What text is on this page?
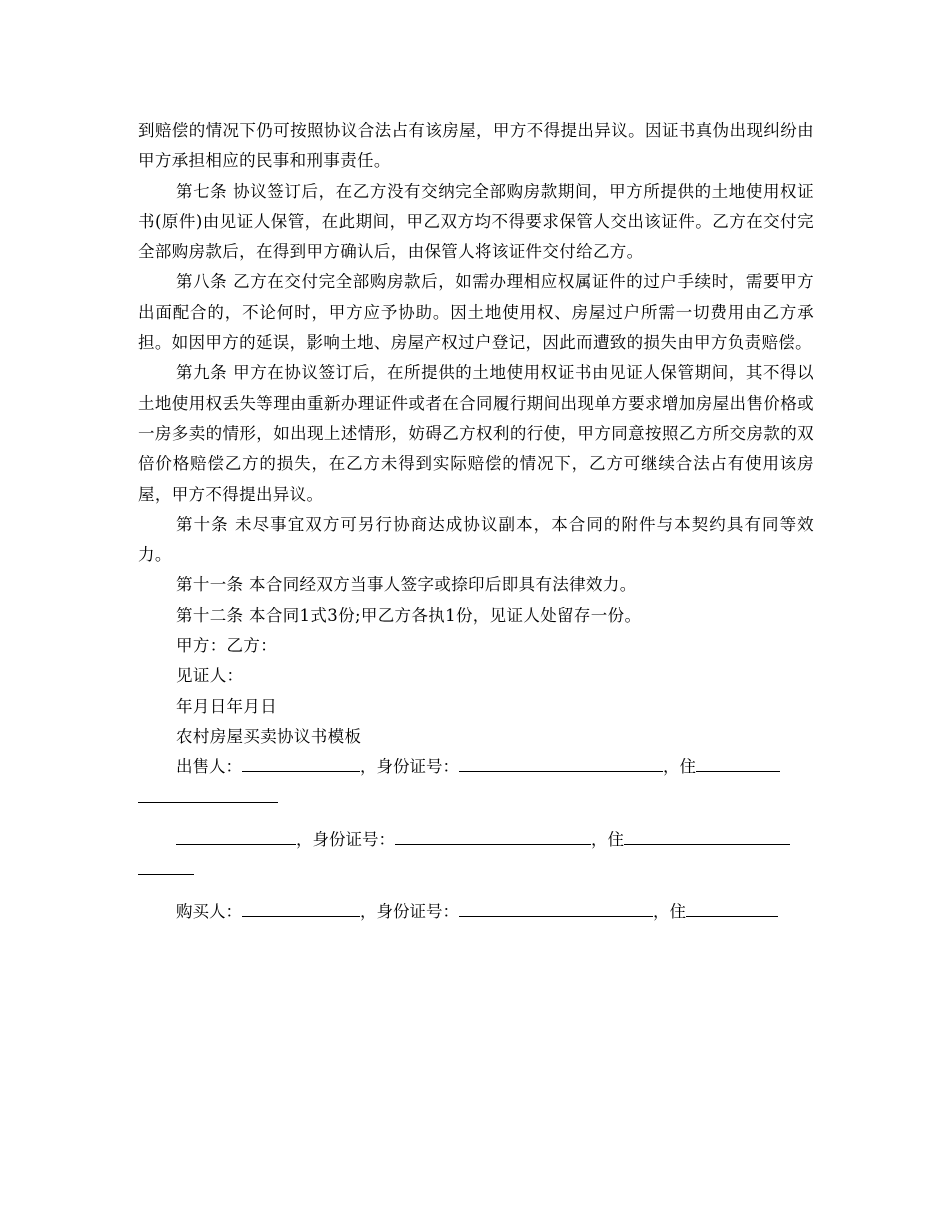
到赔偿的情况下仍可按照协议合法占有该房屋，甲方不得提出异议。因证书真伪出现纠纷由甲方承担相应的民事和刑事责任。

第七条 协议签订后，在乙方没有交纳完全部购房款期间，甲方所提供的土地使用权证书(原件)由见证人保管，在此期间，甲乙双方均不得要求保管人交出该证件。乙方在交付完全部购房款后，在得到甲方确认后，由保管人将该证件交付给乙方。

第八条 乙方在交付完全部购房款后，如需办理相应权属证件的过户手续时，需要甲方出面配合的，不论何时，甲方应予协助。因土地使用权、房屋过户所需一切费用由乙方承担。如因甲方的延误，影响土地、房屋产权过户登记，因此而遭致的损失由甲方负责赔偿。

第九条 甲方在协议签订后，在所提供的土地使用权证书由见证人保管期间，其不得以土地使用权丢失等理由重新办理证件或者在合同履行期间出现单方要求增加房屋出售价格或一房多卖的情形，如出现上述情形，妨碍乙方权利的行使，甲方同意按照乙方所交房款的双倍价格赔偿乙方的损失，在乙方未得到实际赔偿的情况下，乙方可继续合法占有使用该房屋，甲方不得提出异议。

第十条 未尽事宜双方可另行协商达成协议副本，本合同的附件与本契约具有同等效力。

第十一条 本合同经双方当事人签字或捺印后即具有法律效力。

第十二条 本合同1式3份;甲乙方各执1份，见证人处留存一份。

甲方：乙方：

见证人：

年月日年月日

农村房屋买卖协议书模板

出售人：	，身份证号：	，住
，身份证号：	，住
购买人：	，身份证号：	，住
